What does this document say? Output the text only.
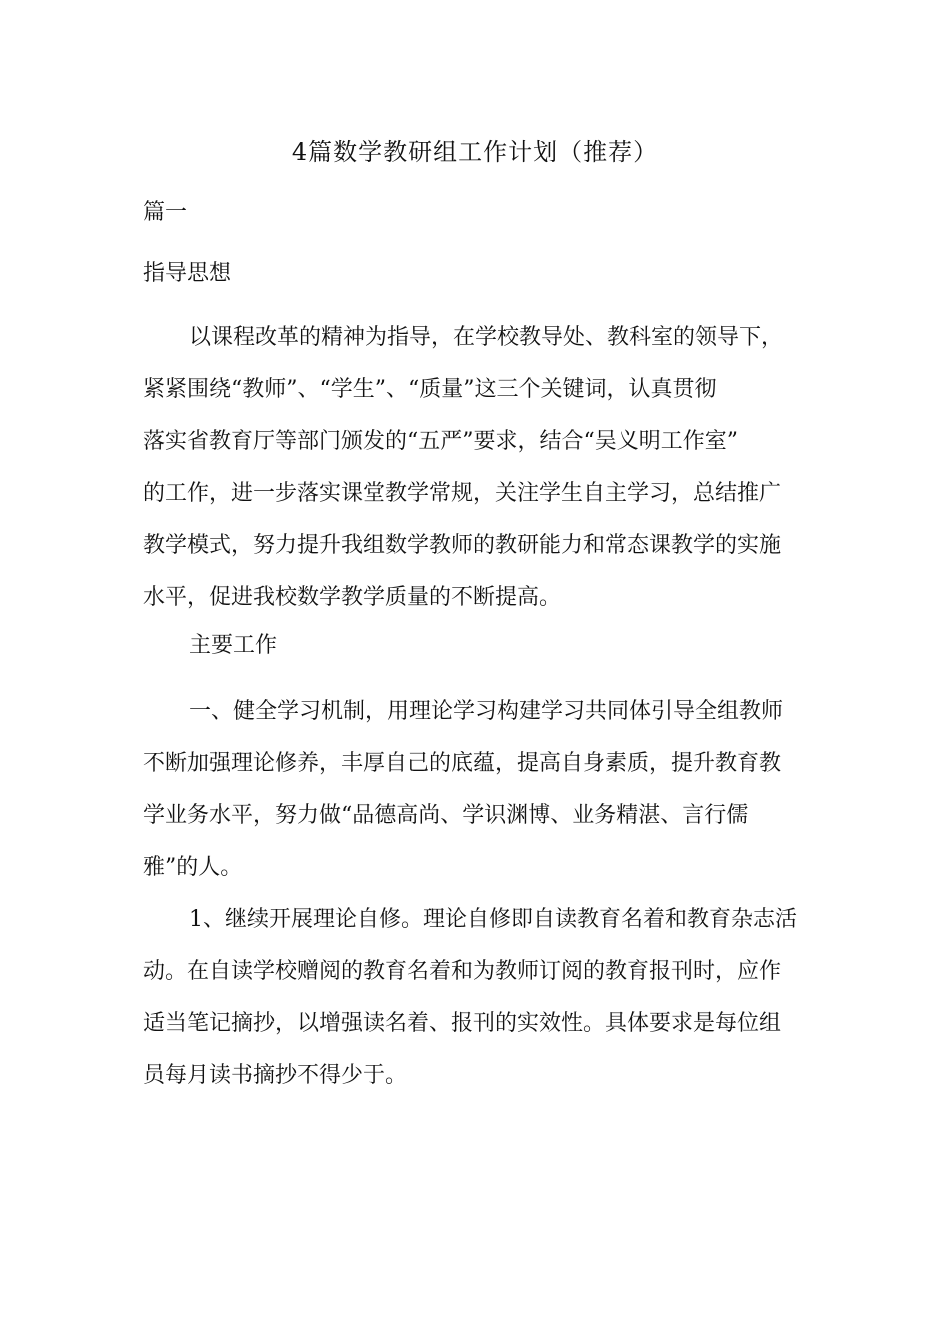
4篇数学教研组工作计划（推荐）
篇一
指导思想
以课程改革的精神为指导，在学校教导处、教科室的领导下，
紧紧围绕“教师”、“学生”、“质量”这三个关键词，认真贯彻
落实省教育厅等部门颁发的“五严”要求，结合“吴义明工作室”
的工作，进一步落实课堂教学常规，关注学生自主学习，总结推广
教学模式，努力提升我组数学教师的教研能力和常态课教学的实施
水平，促进我校数学教学质量的不断提高。
主要工作
一、健全学习机制，用理论学习构建学习共同体引导全组教师
不断加强理论修养，丰厚自己的底蕴，提高自身素质，提升教育教
学业务水平，努力做“品德高尚、学识渊博、业务精湛、言行儒
雅”的人。
1、继续开展理论自修。理论自修即自读教育名着和教育杂志活
动。在自读学校赠阅的教育名着和为教师订阅的教育报刊时，应作
适当笔记摘抄，以增强读名着、报刊的实效性。具体要求是每位组
员每月读书摘抄不得少于。
